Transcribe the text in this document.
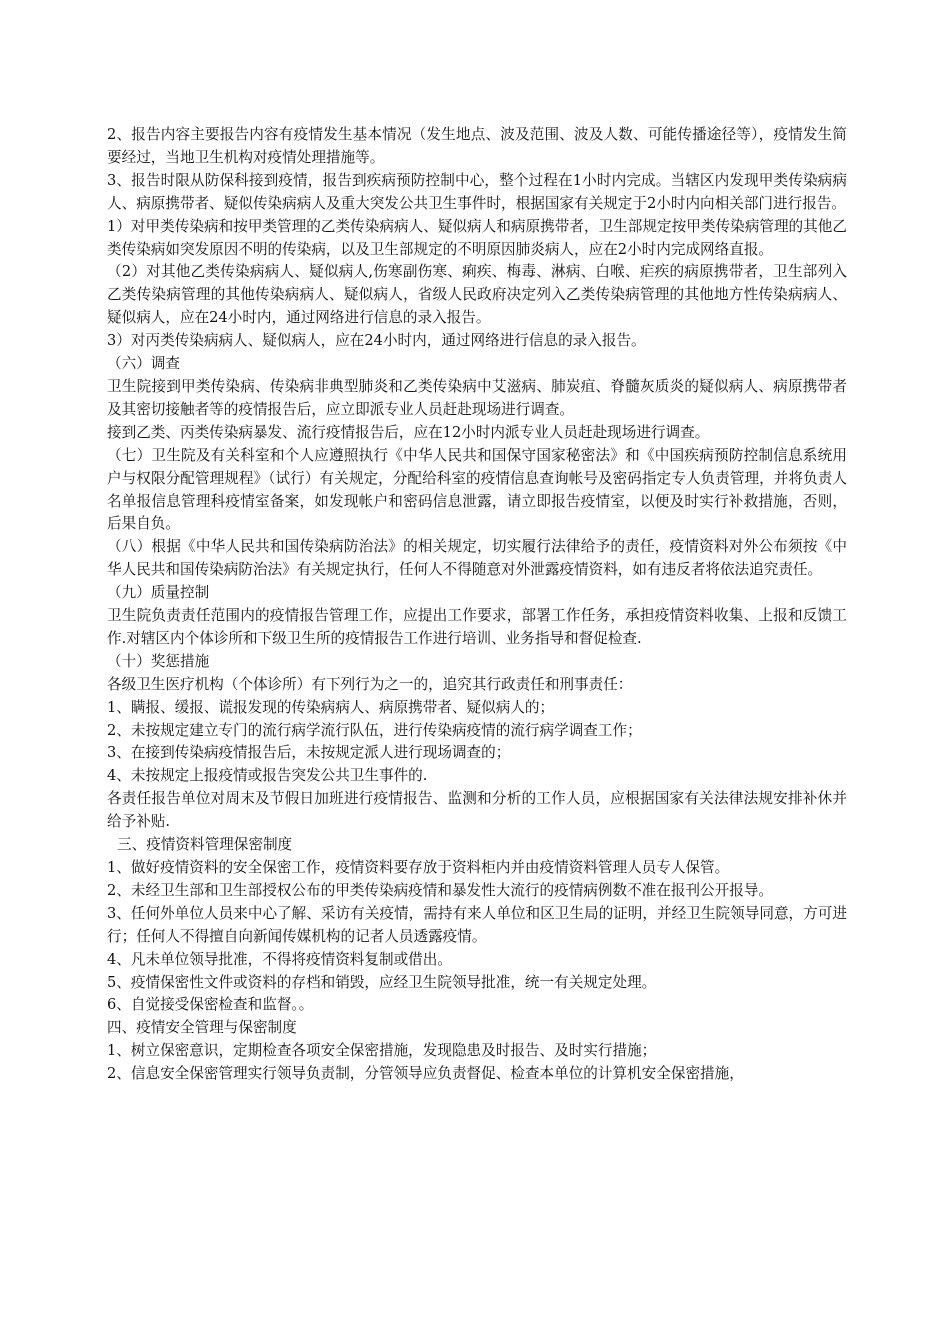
2、报告内容主要报告内容有疫情发生基本情况（发生地点、波及范围、波及人数、可能传播途径等），疫情发生简要经过，当地卫生机构对疫情处理措施等。

3、报告时限从防保科接到疫情，报告到疾病预防控制中心，整个过程在1小时内完成。当辖区内发现甲类传染病病人、病原携带者、疑似传染病病人及重大突发公共卫生事件时，根据国家有关规定于2小时内向相关部门进行报告。

1）对甲类传染病和按甲类管理的乙类传染病病人、疑似病人和病原携带者，卫生部规定按甲类传染病管理的其他乙类传染病如突发原因不明的传染病，以及卫生部规定的不明原因肺炎病人，应在2小时内完成网络直报。

（2）对其他乙类传染病病人、疑似病人,伤寒副伤寒、痢疾、梅毒、淋病、白喉、疟疾的病原携带者，卫生部列入乙类传染病管理的其他传染病病人、疑似病人，省级人民政府决定列入乙类传染病管理的其他地方性传染病病人、疑似病人，应在24小时内，通过网络进行信息的录入报告。

3）对丙类传染病病人、疑似病人，应在24小时内，通过网络进行信息的录入报告。

（六）调查

卫生院接到甲类传染病、传染病非典型肺炎和乙类传染病中艾滋病、肺炭疽、脊髓灰质炎的疑似病人、病原携带者及其密切接触者等的疫情报告后，应立即派专业人员赶赴现场进行调查。

接到乙类、丙类传染病暴发、流行疫情报告后，应在12小时内派专业人员赶赴现场进行调查。

（七）卫生院及有关科室和个人应遵照执行《中华人民共和国保守国家秘密法》和《中国疾病预防控制信息系统用户与权限分配管理规程》（试行）有关规定，分配给科室的疫情信息查询帐号及密码指定专人负责管理，并将负责人名单报信息管理科疫情室备案，如发现帐户和密码信息泄露，请立即报告疫情室，以便及时实行补救措施，否则，后果自负。

（八）根据《中华人民共和国传染病防治法》的相关规定，切实履行法律给予的责任，疫情资料对外公布须按《中华人民共和国传染病防治法》有关规定执行，任何人不得随意对外泄露疫情资料，如有违反者将依法追究责任。

（九）质量控制

卫生院负责责任范围内的疫情报告管理工作，应提出工作要求，部署工作任务，承担疫情资料收集、上报和反馈工作.对辖区内个体诊所和下级卫生所的疫情报告工作进行培训、业务指导和督促检查.

（十）奖惩措施

各级卫生医疗机构（个体诊所）有下列行为之一的，追究其行政责任和刑事责任：

1、瞒报、缓报、谎报发现的传染病病人、病原携带者、疑似病人的；

2、未按规定建立专门的流行病学流行队伍，进行传染病疫情的流行病学调查工作；

3、在接到传染病疫情报告后，未按规定派人进行现场调查的；

4、未按规定上报疫情或报告突发公共卫生事件的.

各责任报告单位对周末及节假日加班进行疫情报告、监测和分析的工作人员，应根据国家有关法律法规安排补休并给予补贴.

三、疫情资料管理保密制度

1、做好疫情资料的安全保密工作，疫情资料要存放于资料柜内并由疫情资料管理人员专人保管。

2、未经卫生部和卫生部授权公布的甲类传染病疫情和暴发性大流行的疫情病例数不准在报刊公开报导。

3、任何外单位人员来中心了解、采访有关疫情，需持有来人单位和区卫生局的证明，并经卫生院领导同意，方可进行；任何人不得擅自向新闻传媒机构的记者人员透露疫情。

4、凡未单位领导批准，不得将疫情资料复制或借出。

5、疫情保密性文件或资料的存档和销毁，应经卫生院领导批准，统一有关规定处理。

6、自觉接受保密检查和监督。。

四、疫情安全管理与保密制度

1、树立保密意识，定期检查各项安全保密措施，发现隐患及时报告、及时实行措施；

2、信息安全保密管理实行领导负责制，分管领导应负责督促、检查本单位的计算机安全保密措施，
